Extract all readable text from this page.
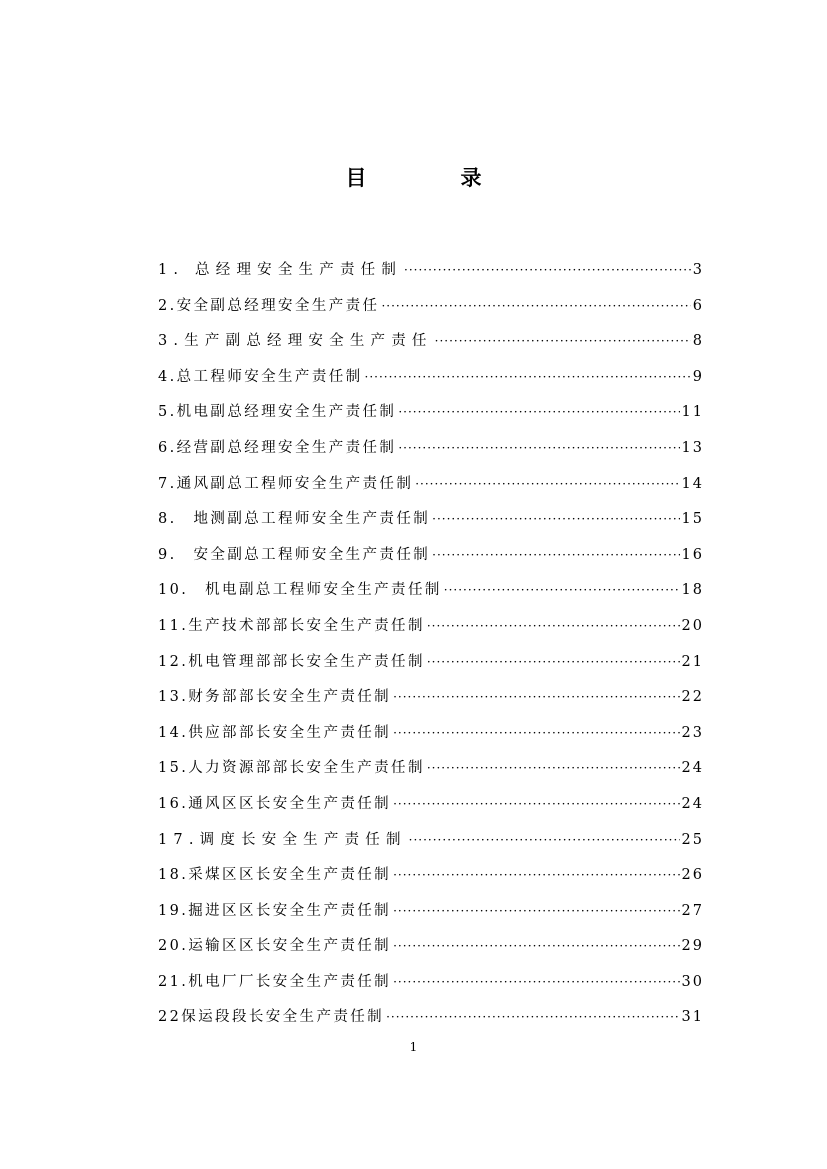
目	录
1. 总经理安全生产责任制 ·····	3
2.安全副总经理安全生产责任 ·····	6
3.生产副总经理安全生产责任 ·····	8
4.总工程师安全生产责任制 ·····	9
5.机电副总经理安全生产责任制 ·····	11
6.经营副总经理安全生产责任制 ·····	13
7.通风副总工程师安全生产责任制 ·····	14
8.　地测副总工程师安全生产责任制 ·····	15
9.　安全副总工程师安全生产责任制 ·····	16
10.　机电副总工程师安全生产责任制 ·····	18
11.生产技术部部长安全生产责任制 ·····	20
12.机电管理部部长安全生产责任制 ·····	21
13.财务部部长安全生产责任制 ·····	22
14.供应部部长安全生产责任制 ·····	23
15.人力资源部部长安全生产责任制 ·····	24
16.通风区区长安全生产责任制 ·····	24
17.调度长安全生产责任制 ·····	25
18.采煤区区长安全生产责任制 ·····	26
19.掘进区区长安全生产责任制 ·····	27
20.运输区区长安全生产责任制 ·····	29
21.机电厂厂长安全生产责任制 ·····	30
22保运段段长安全生产责任制 ·····	31
1
